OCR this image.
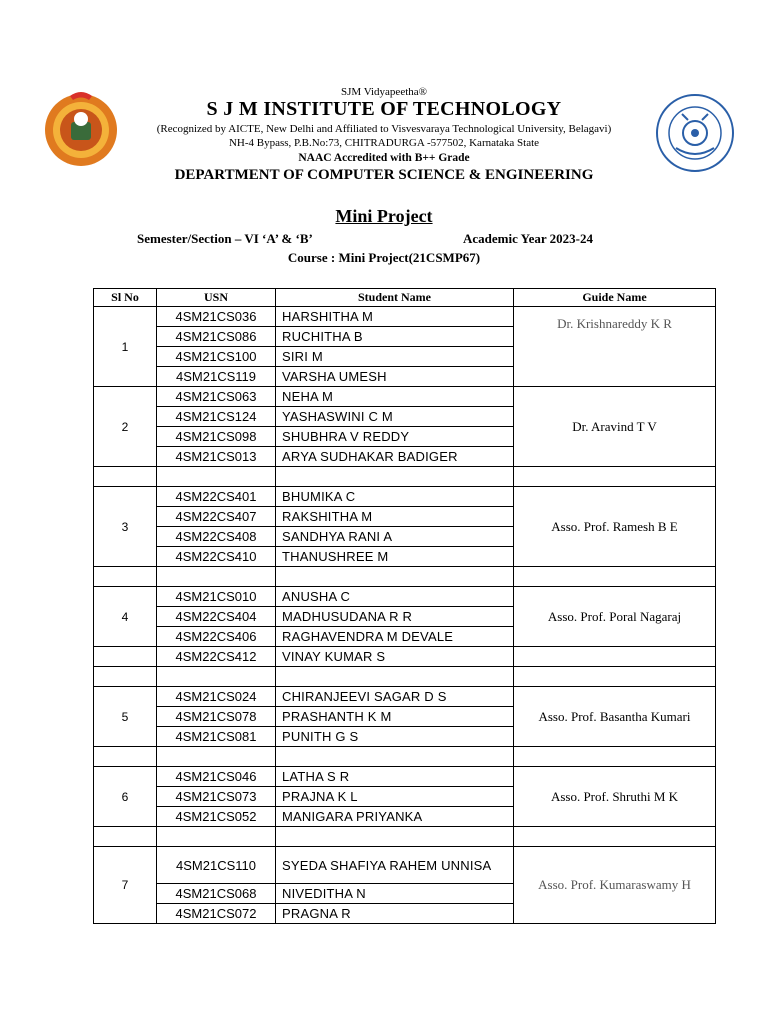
SJM Vidyapeetha®
S J M INSTITUTE OF TECHNOLOGY
(Recognized by AICTE, New Delhi and Affiliated to Visvesvaraya Technological University, Belagavi)
NH-4 Bypass, P.B.No:73, CHITRADURGA -577502, Karnataka State
NAAC Accredited with B++ Grade
DEPARTMENT OF COMPUTER SCIENCE & ENGINEERING
Mini Project
Semester/Section – VI ‘A’ & ‘B’	Academic Year 2023-24
Course : Mini Project(21CSMP67)
Sl No	USN	Student Name	Guide Name
1	4SM21CS036	HARSHITHA M	Dr. Krishnareddy K R
	4SM21CS086	RUCHITHA B	
	4SM21CS100	SIRI M	
	4SM21CS119	VARSHA UMESH	
2	4SM21CS063	NEHA M	Dr. Aravind T V
	4SM21CS124	YASHASWINI C M	
	4SM21CS098	SHUBHRA V REDDY	
	4SM21CS013	ARYA SUDHAKAR BADIGER	

3	4SM22CS401	BHUMIKA C	Asso. Prof. Ramesh B E
	4SM22CS407	RAKSHITHA M	
	4SM22CS408	SANDHYA RANI A	
	4SM22CS410	THANUSHREE M	

4	4SM21CS010	ANUSHA C	Asso. Prof. Poral Nagaraj
	4SM22CS404	MADHUSUDANA R R	
	4SM22CS406	RAGHAVENDRA M DEVALE	
	4SM22CS412	VINAY KUMAR S	

5	4SM21CS024	CHIRANJEEVI SAGAR D S	Asso. Prof. Basantha Kumari
	4SM21CS078	PRASHANTH K M	
	4SM21CS081	PUNITH G S	

6	4SM21CS046	LATHA S R	Asso. Prof. Shruthi M K
	4SM21CS073	PRAJNA K L	
	4SM21CS052	MANIGARA PRIYANKA	

7	4SM21CS110	SYEDA SHAFIYA RAHEM UNNISA	Asso. Prof. Kumaraswamy H
	4SM21CS068	NIVEDITHA N	
	4SM21CS072	PRAGNA R	
